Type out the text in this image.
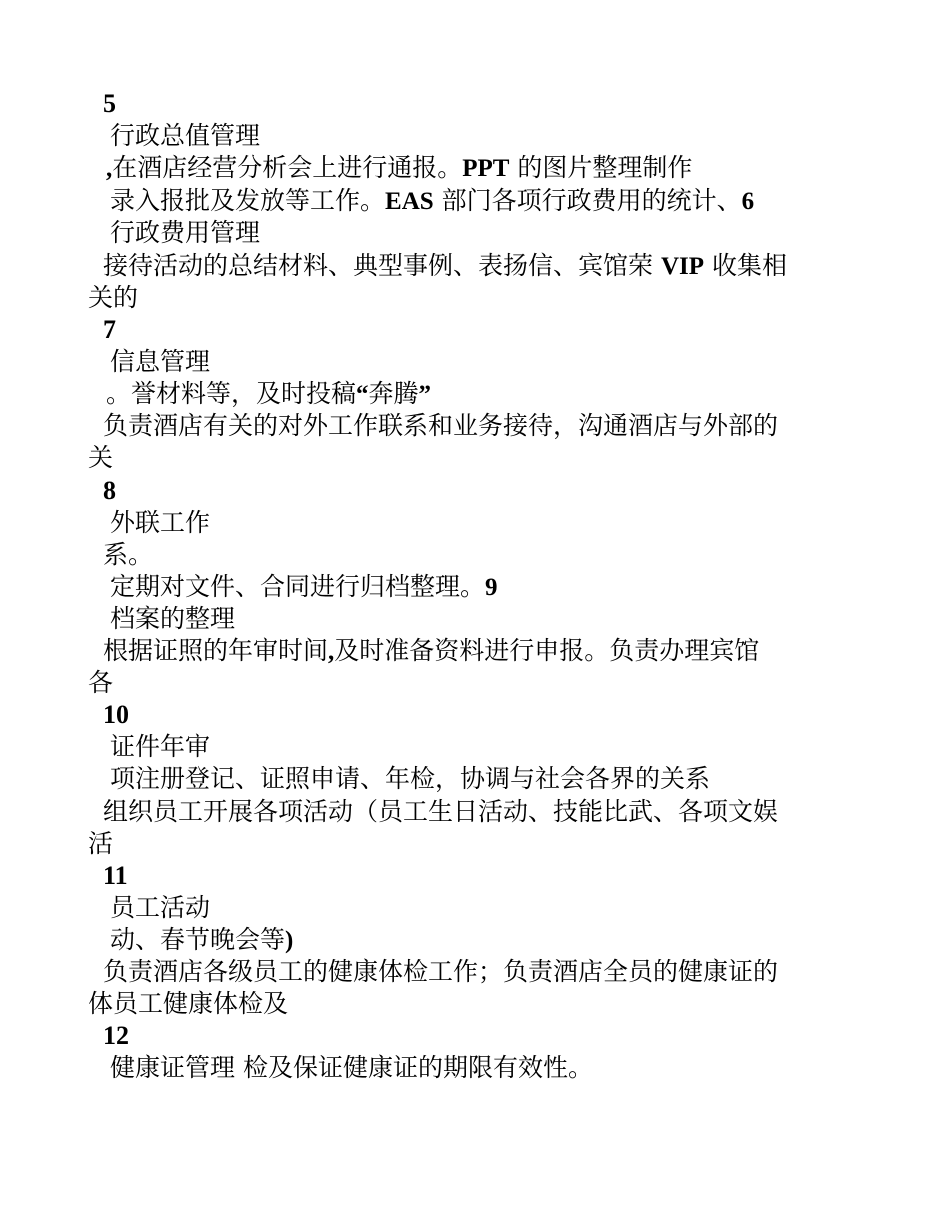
5
行政总值管理
,在酒店经营分析会上进行通报。PPT 的图片整理制作
录入报批及发放等工作。EAS 部门各项行政费用的统计、6
行政费用管理
接待活动的总结材料、典型事例、表扬信、宾馆荣 VIP 收集相
关的
7
信息管理
。誉材料等，及时投稿“奔腾”
负责酒店有关的对外工作联系和业务接待，沟通酒店与外部的
关
8
外联工作
系。
定期对文件、合同进行归档整理。9
档案的整理
根据证照的年审时间,及时准备资料进行申报。负责办理宾馆
各
10
证件年审
项注册登记、证照申请、年检，协调与社会各界的关系
组织员工开展各项活动（员工生日活动、技能比武、各项文娱
活
11
员工活动
动、春节晚会等)
负责酒店各级员工的健康体检工作；负责酒店全员的健康证的
体员工健康体检及
12
健康证管理 检及保证健康证的期限有效性。
